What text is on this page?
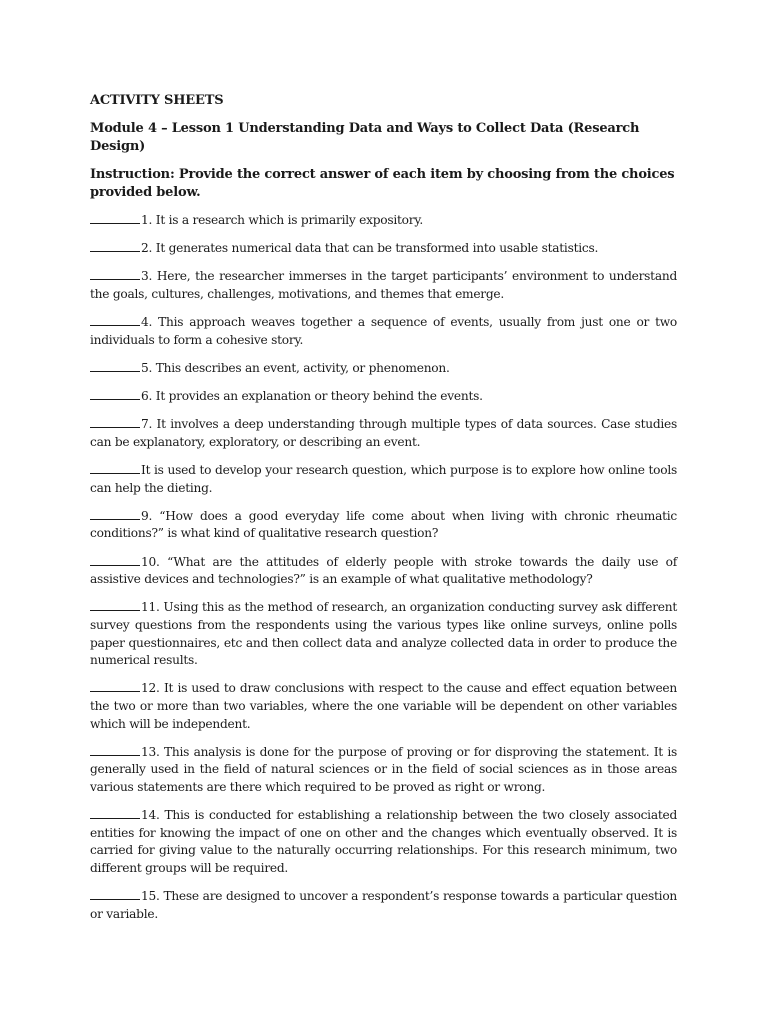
ACTIVITY SHEETS
Module 4 – Lesson 1 Understanding Data and Ways to Collect Data (Research Design)
Instruction: Provide the correct answer of each item by choosing from the choices provided below.
1. It is a research which is primarily expository.
2. It generates numerical data that can be transformed into usable statistics.
3. Here, the researcher immerses in the target participants’ environment to understand the goals, cultures, challenges, motivations, and themes that emerge.
4. This approach weaves together a sequence of events, usually from just one or two individuals to form a cohesive story.
5. This describes an event, activity, or phenomenon.
6. It provides an explanation or theory behind the events.
7. It involves a deep understanding through multiple types of data sources. Case studies can be explanatory, exploratory, or describing an event.
It is used to develop your research question, which purpose is to explore how online tools can help the dieting.
9. “How does a good everyday life come about when living with chronic rheumatic conditions?” is what kind of qualitative research question?
10. “What are the attitudes of elderly people with stroke towards the daily use of assistive devices and technologies?” is an example of what qualitative methodology?
11. Using this as the method of research, an organization conducting survey ask different survey questions from the respondents using the various types like online surveys, online polls paper questionnaires, etc and then collect data and analyze collected data in order to produce the numerical results.
12. It is used to draw conclusions with respect to the cause and effect equation between the two or more than two variables, where the one variable will be dependent on other variables which will be independent.
13. This analysis is done for the purpose of proving or for disproving the statement. It is generally used in the field of natural sciences or in the field of social sciences as in those areas various statements are there which required to be proved as right or wrong.
14. This is conducted for establishing a relationship between the two closely associated entities for knowing the impact of one on other and the changes which eventually observed. It is carried for giving value to the naturally occurring relationships. For this research minimum, two different groups will be required.
15. These are designed to uncover a respondent’s response towards a particular question or variable.
